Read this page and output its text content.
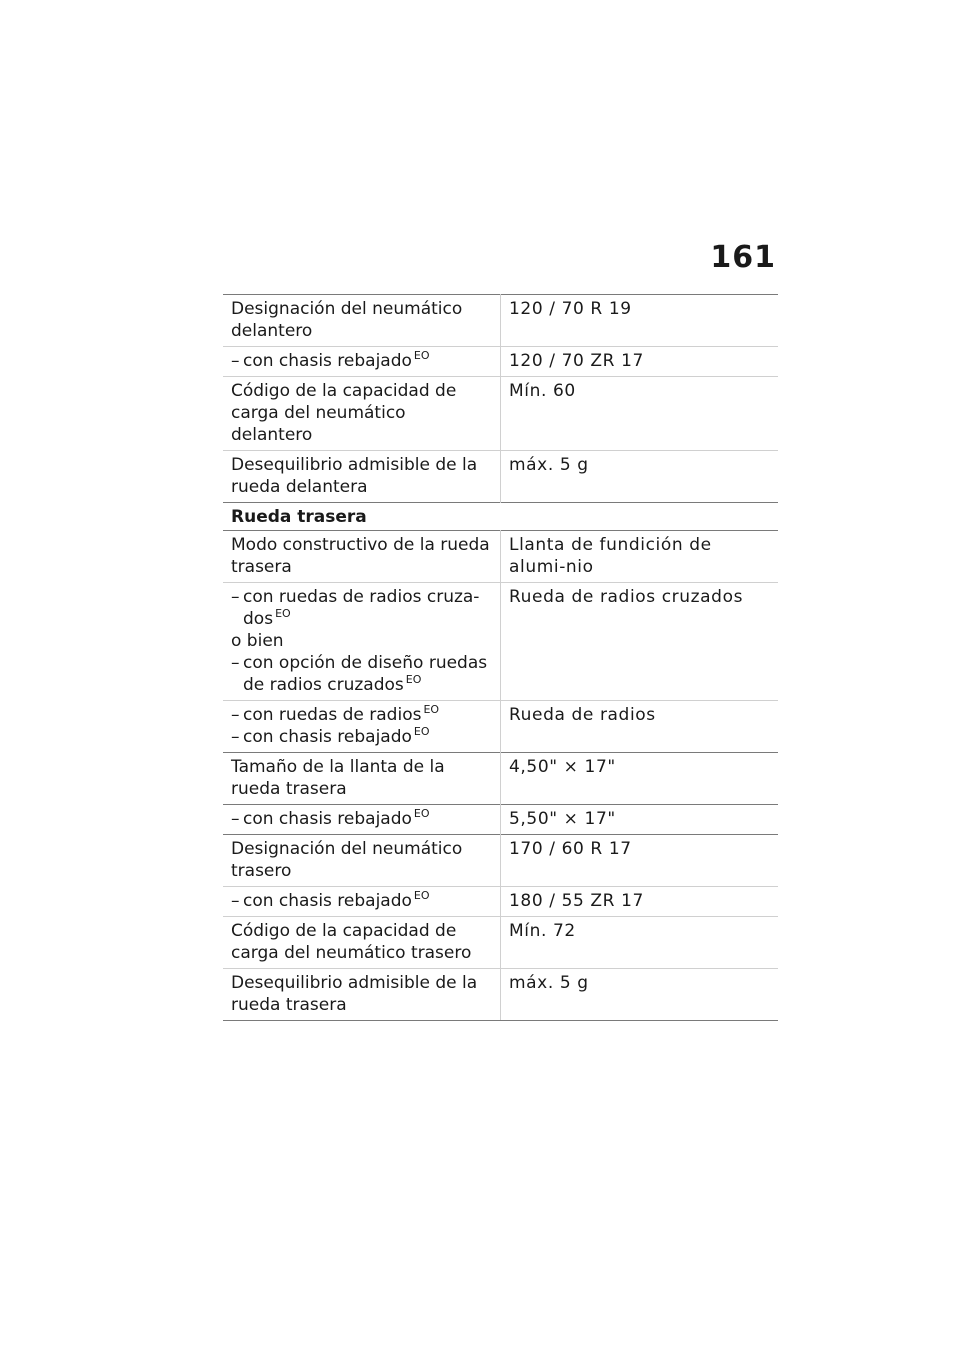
161
Designación del neumático delantero	120 / 70 R 19

– con chasis rebajado $^{EO}$	120 / 70 ZR 17
Código de la capacidad de carga del neumático delantero	Mín. 60
Desequilibrio admisible de la rueda delantera	máx. 5 g
Rueda trasera	
Modo constructivo de la rueda trasera	Llanta de fundición de alumi-nio

– con ruedas de radios cruza-dos $^{EO}$
o bien
– con opción de diseño ruedas de radios cruzados $^{EO}$	Rueda de radios cruzados

– con ruedas de radios $^{EO}$
– con chasis rebajado $^{EO}$	Rueda de radios
Tamaño de la llanta de la rueda trasera	4,50" × 17"

– con chasis rebajado $^{EO}$	5,50" × 17"
Designación del neumático trasero	170 / 60 R 17

– con chasis rebajado $^{EO}$	180 / 55 ZR 17
Código de la capacidad de carga del neumático trasero	Mín. 72
Desequilibrio admisible de la rueda trasera	máx. 5 g
